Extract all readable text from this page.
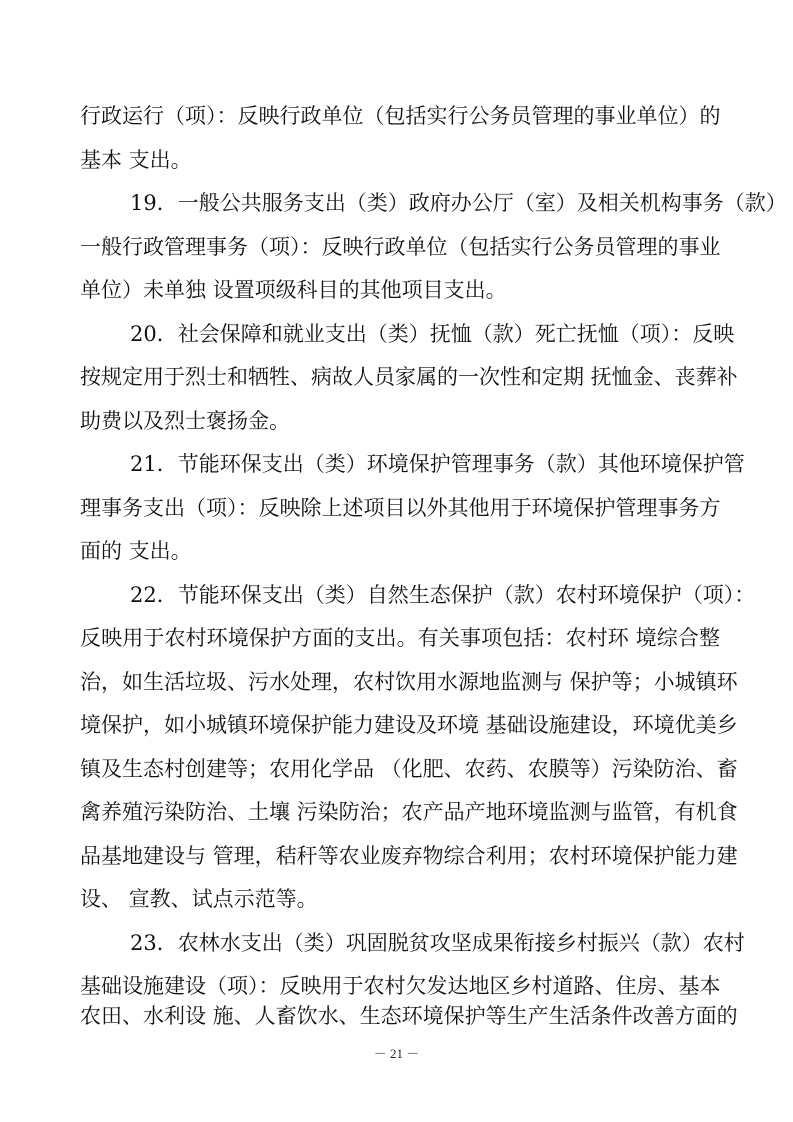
行政运行（项）：反映行政单位（包括实行公务员管理的事业单位）的
基本 支出。
19．一般公共服务支出（类）政府办公厅（室）及相关机构事务（款）
一般行政管理事务（项）：反映行政单位（包括实行公务员管理的事业
单位）未单独 设置项级科目的其他项目支出。
20．社会保障和就业支出（类）抚恤（款）死亡抚恤（项）：反映
按规定用于烈士和牺牲、病故人员家属的一次性和定期 抚恤金、丧葬补
助费以及烈士褒扬金。
21．节能环保支出（类）环境保护管理事务（款）其他环境保护管
理事务支出（项）：反映除上述项目以外其他用于环境保护管理事务方
面的 支出。
22．节能环保支出（类）自然生态保护（款）农村环境保护（项）：
反映用于农村环境保护方面的支出。有关事项包括：农村环 境综合整
治，如生活垃圾、污水处理，农村饮用水源地监测与 保护等；小城镇环
境保护，如小城镇环境保护能力建设及环境 基础设施建设，环境优美乡
镇及生态村创建等；农用化学品 （化肥、农药、农膜等）污染防治、畜
禽养殖污染防治、土壤 污染防治；农产品产地环境监测与监管，有机食
品基地建设与 管理，秸秆等农业废弃物综合利用；农村环境保护能力建
设、 宣教、试点示范等。
23．农林水支出（类）巩固脱贫攻坚成果衔接乡村振兴（款）农村
基础设施建设（项）：反映用于农村欠发达地区乡村道路、住房、基本
农田、水利设 施、人畜饮水、生态环境保护等生产生活条件改善方面的
－ 21 －
